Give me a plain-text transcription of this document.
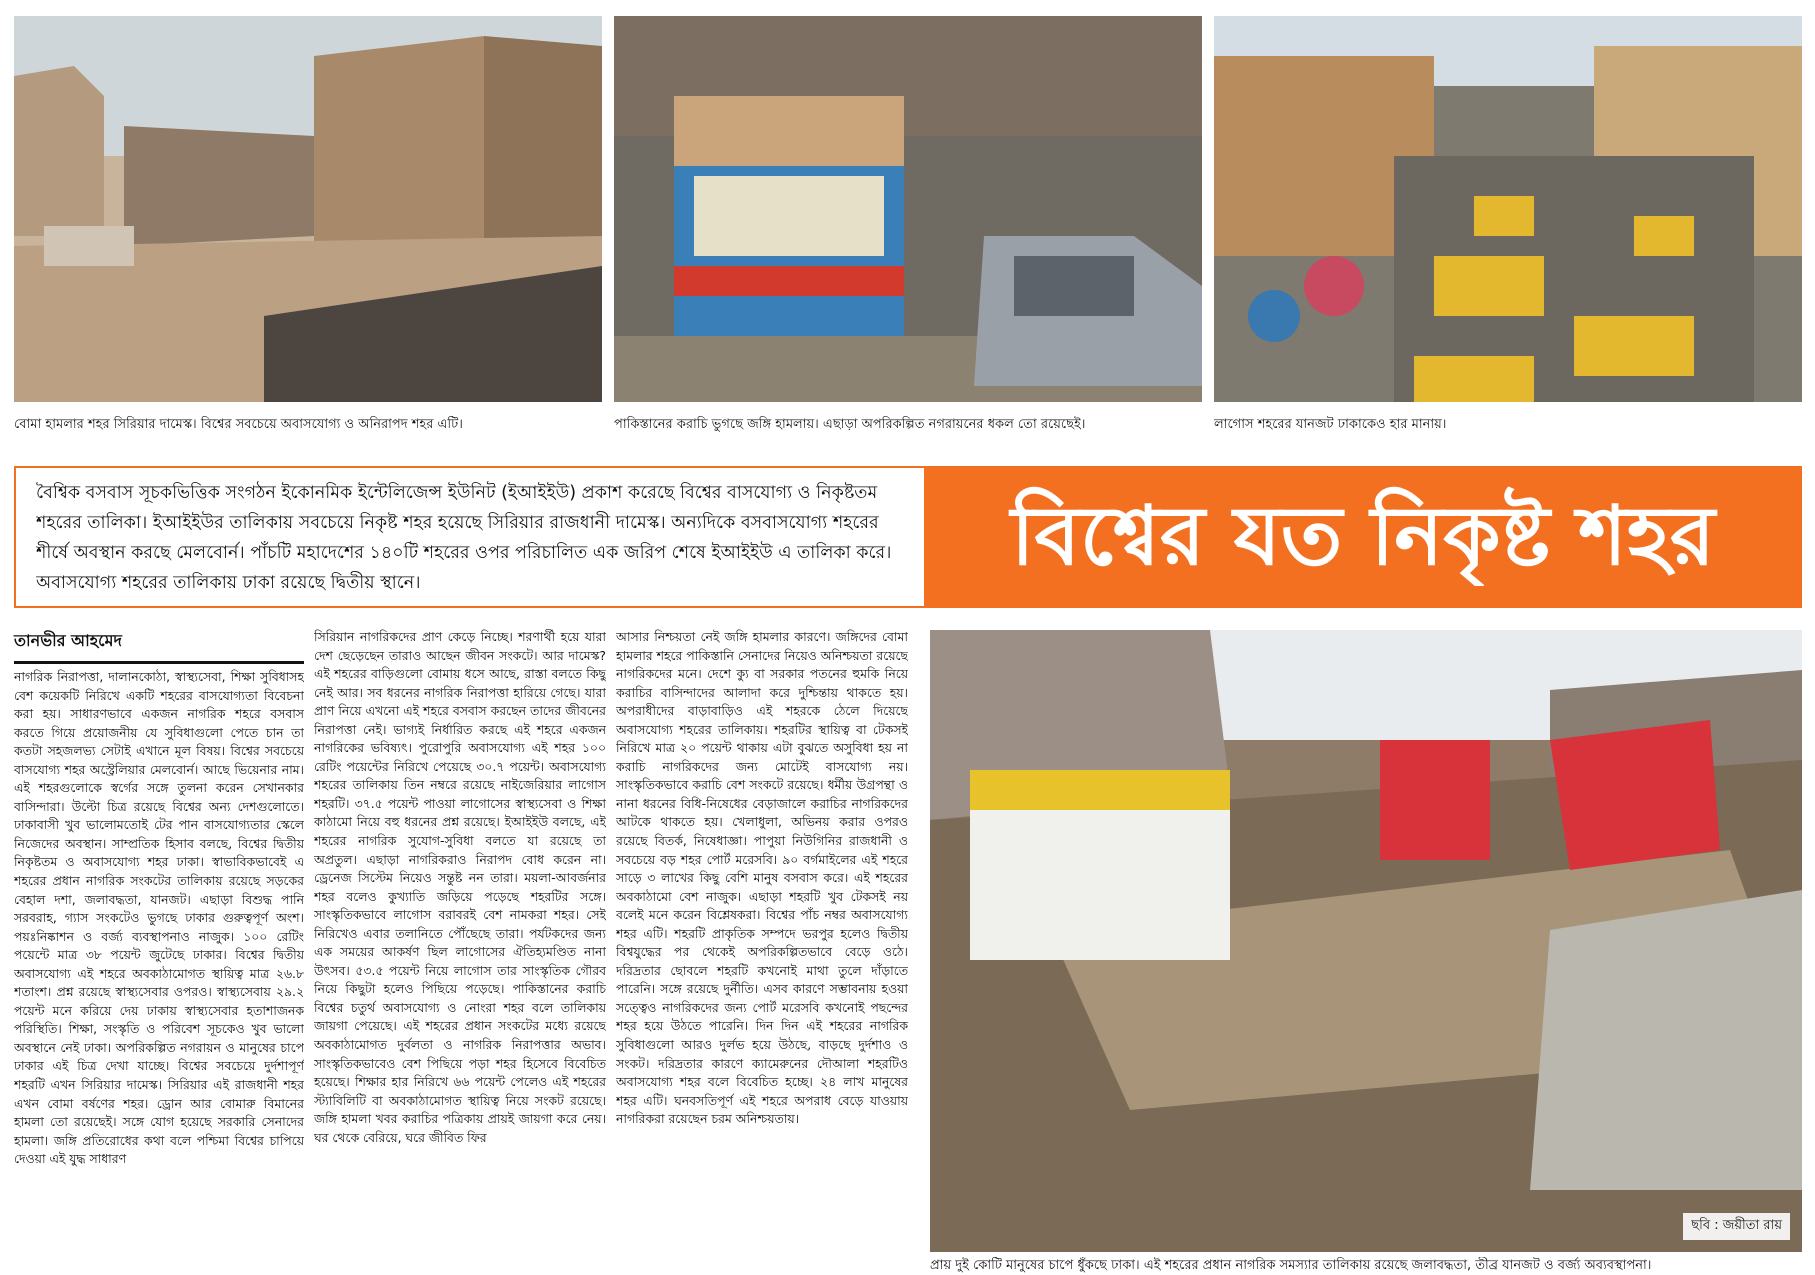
বোমা হামলার শহর সিরিয়ার দামেস্ক। বিশ্বের সবচেয়ে অবাসযোগ্য ও অনিরাপদ শহর এটি।	পাকিস্তানের করাচি ভুগছে জঙ্গি হামলায়। এছাড়া অপরিকল্পিত নগরায়নের ধকল তো রয়েছেই।	লাগোস শহরের যানজট ঢাকাকেও হার মানায়।
বৈশ্বিক বসবাস সূচকভিত্তিক সংগঠন ইকোনমিক ইন্টেলিজেন্স ইউনিট (ইআইইউ) প্রকাশ করেছে বিশ্বের বাসযোগ্য ও নিকৃষ্টতম শহরের তালিকা। ইআইইউর তালিকায় সবচেয়ে নিকৃষ্ট শহর হয়েছে সিরিয়ার রাজধানী দামেস্ক। অন্যদিকে বসবাসযোগ্য শহরের শীর্ষে অবস্থান করছে মেলবোর্ন। পাঁচটি মহাদেশের ১৪০টি শহরের ওপর পরিচালিত এক জরিপ শেষে ইআইইউ এ তালিকা করে। অবাসযোগ্য শহরের তালিকায় ঢাকা রয়েছে দ্বিতীয় স্থানে।	বিশ্বের যত নিকৃষ্ট শহর
তানভীর আহমেদ

নাগরিক নিরাপত্তা, দালানকোঠা, স্বাস্থ্যসেবা, শিক্ষা সুবিধাসহ বেশ কয়েকটি নিরিখে একটি শহরের বাসযোগ্যতা বিবেচনা করা হয়। সাধারণভাবে একজন নাগরিক শহরে বসবাস করতে গিয়ে প্রয়োজনীয় যে সুবিধাগুলো পেতে চান তা কতটা সহজলভ্য সেটাই এখানে মূল বিষয়। বিশ্বের সবচেয়ে বাসযোগ্য শহর অস্ট্রেলিয়ার মেলবোর্ন। আছে ভিয়েনার নাম। এই শহরগুলোকে স্বর্গের সঙ্গে তুলনা করেন সেখানকার বাসিন্দারা। উল্টো চিত্র রয়েছে বিশ্বের অন্য দেশগুলোতে। ঢাকাবাসী খুব ভালোমতোই টের পান বাসযোগ্যতার স্কেলে নিজেদের অবস্থান। সাম্প্রতিক হিসাব বলছে, বিশ্বের দ্বিতীয় নিকৃষ্টতম ও অবাসযোগ্য শহর ঢাকা। স্বাভাবিকভাবেই এ শহরের প্রধান নাগরিক সংকটের তালিকায় রয়েছে সড়কের বেহাল দশা, জলাবদ্ধতা, যানজট। এছাড়া বিশুদ্ধ পানি সরবরাহ, গ্যাস সংকটেও ভুগছে ঢাকার গুরুত্বপূর্ণ অংশ। পয়ঃনিষ্কাশন ও বর্জ্য ব্যবস্থাপনাও নাজুক। ১০০ রেটিং পয়েন্টে মাত্র ৩৮ পয়েন্ট জুটেছে ঢাকার। বিশ্বের দ্বিতীয় অবাসযোগ্য এই শহরে অবকাঠামোগত স্থায়িত্ব মাত্র ২৬.৮ শতাংশ। প্রশ্ন রয়েছে স্বাস্থ্যসেবার ওপরও। স্বাস্থ্যসেবায় ২৯.২ পয়েন্ট মনে করিয়ে দেয় ঢাকায় স্বাস্থ্যসেবার হতাশাজনক পরিস্থিতি। শিক্ষা, সংস্কৃতি ও পরিবেশ সূচকেও খুব ভালো অবস্থানে নেই ঢাকা। অপরিকল্পিত নগরায়ন ও মানুষের চাপে ঢাকার এই চিত্র দেখা যাচ্ছে। বিশ্বের সবচেয়ে দুর্দশাপূর্ণ শহরটি এখন সিরিয়ার দামেস্ক। সিরিয়ার এই রাজধানী শহর এখন বোমা বর্ষণের শহর। ড্রোন আর বোমারু বিমানের হামলা তো রয়েছেই। সঙ্গে যোগ হয়েছে সরকারি সেনাদের হামলা। জঙ্গি প্রতিরোধের কথা বলে পশ্চিমা বিশ্বের চাপিয়ে দেওয়া এই যুদ্ধ সাধারণ

সিরিয়ান নাগরিকদের প্রাণ কেড়ে নিচ্ছে। শরণার্থী হয়ে যারা দেশ ছেড়েছেন তারাও আছেন জীবন সংকটে। আর দামেস্ক? এই শহরের বাড়িগুলো বোমায় ধসে আছে, রাস্তা বলতে কিছু নেই আর। সব ধরনের নাগরিক নিরাপত্তা হারিয়ে গেছে। যারা প্রাণ নিয়ে এখনো এই শহরে বসবাস করছেন তাদের জীবনের নিরাপত্তা নেই। ভাগ্যই নির্ধারিত করছে এই শহরে একজন নাগরিকের ভবিষ্যৎ। পুরোপুরি অবাসযোগ্য এই শহর ১০০ রেটিং পয়েন্টের নিরিখে পেয়েছে ৩০.৭ পয়েন্ট। অবাসযোগ্য শহরের তালিকায় তিন নম্বরে রয়েছে নাইজেরিয়ার লাগোস শহরটি। ৩৭.৫ পয়েন্ট পাওয়া লাগোসের স্বাস্থ্যসেবা ও শিক্ষা কাঠামো নিয়ে বহু ধরনের প্রশ্ন রয়েছে। ইআইইউ বলছে, এই শহরের নাগরিক সুযোগ-সুবিধা বলতে যা রয়েছে তা অপ্রতুল। এছাড়া নাগরিকরাও নিরাপদ বোধ করেন না। ড্রেনেজ সিস্টেম নিয়েও সন্তুষ্ট নন তারা। ময়লা-আবর্জনার শহর বলেও কুখ্যাতি জড়িয়ে পড়েছে শহরটির সঙ্গে। সাংস্কৃতিকভাবে লাগোস বরাবরই বেশ নামকরা শহর। সেই নিরিখেও এবার তলানিতে পৌঁছেছে তারা। পর্যটকদের জন্য এক সময়ের আকর্ষণ ছিল লাগোসের ঐতিহ্যমণ্ডিত নানা উৎসব। ৫৩.৫ পয়েন্ট নিয়ে লাগোস তার সাংস্কৃতিক গৌরব নিয়ে কিছুটা হলেও পিছিয়ে পড়েছে। পাকিস্তানের করাচি বিশ্বের চতুর্থ অবাসযোগ্য ও নোংরা শহর বলে তালিকায় জায়গা পেয়েছে। এই শহরের প্রধান সংকটের মধ্যে রয়েছে অবকাঠামোগত দুর্বলতা ও নাগরিক নিরাপত্তার অভাব। সাংস্কৃতিকভাবেও বেশ পিছিয়ে পড়া শহর হিসেবে বিবেচিত হয়েছে। শিক্ষার হার নিরিখে ৬৬ পয়েন্ট পেলেও এই শহরের স্ট্যাবিলিটি বা অবকাঠামোগত স্থায়িত্ব নিয়ে সংকট রয়েছে। জঙ্গি হামলা খবর করাচির পত্রিকায় প্রায়ই জায়গা করে নেয়। ঘর থেকে বেরিয়ে, ঘরে জীবিত ফির

আসার নিশ্চয়তা নেই জঙ্গি হামলার কারণে। জঙ্গিদের বোমা হামলার শহরে পাকিস্তানি সেনাদের নিয়েও অনিশ্চয়তা রয়েছে নাগরিকদের মনে। দেশে ক্যু বা সরকার পতনের হুমকি নিয়ে করাচির বাসিন্দাদের আলাদা করে দুশ্চিন্তায় থাকতে হয়। অপরাধীদের বাড়াবাড়িও এই শহরকে ঠেলে দিয়েছে অবাসযোগ্য শহরের তালিকায়। শহরটির স্থায়িত্ব বা টেকসই নিরিখে মাত্র ২০ পয়েন্ট থাকায় এটা বুঝতে অসুবিধা হয় না করাচি নাগরিকদের জন্য মোটেই বাসযোগ্য নয়। সাংস্কৃতিকভাবে করাচি বেশ সংকটে রয়েছে। ধর্মীয় উগ্রপন্থা ও নানা ধরনের বিধি-নিষেধের বেড়াজালে করাচির নাগরিকদের আটকে থাকতে হয়। খেলাধুলা, অভিনয় করার ওপরও রয়েছে বিতর্ক, নিষেধাজ্ঞা। পাপুয়া নিউগিনির রাজধানী ও সবচেয়ে বড় শহর পোর্ট মরেসবি। ৯০ বর্গমাইলের এই শহরে সাড়ে ৩ লাখের কিছু বেশি মানুষ বসবাস করে। এই শহরের অবকাঠামো বেশ নাজুক। এছাড়া শহরটি খুব টেকসই নয় বলেই মনে করেন বিশ্লেষকরা। বিশ্বের পাঁচ নম্বর অবাসযোগ্য শহর এটি। শহরটি প্রাকৃতিক সম্পদে ভরপুর হলেও দ্বিতীয় বিশ্বযুদ্ধের পর থেকেই অপরিকল্পিতভাবে বেড়ে ওঠে। দরিদ্রতার ছোবলে শহরটি কখনোই মাথা তুলে দাঁড়াতে পারেনি। সঙ্গে রয়েছে দুর্নীতি। এসব কারণে সম্ভাবনায় হওয়া সত্ত্বেও নাগরিকদের জন্য পোর্ট মরেসবি কখনোই পছন্দের শহর হয়ে উঠতে পারেনি। দিন দিন এই শহরের নাগরিক সুবিধাগুলো আরও দুর্লভ হয়ে উঠছে, বাড়ছে দুর্দশাও ও সংকট। দরিদ্রতার কারণে ক্যামেরুনের দৌআলা শহরটিও অবাসযোগ্য শহর বলে বিবেচিত হচ্ছে। ২৪ লাখ মানুষের শহর এটি। ঘনবসতিপূর্ণ এই শহরে অপরাধ বেড়ে যাওয়ায় নাগরিকরা রয়েছেন চরম অনিশ্চয়তায়।

ছবি : জয়ীতা রায়
প্রায় দুই কোটি মানুষের চাপে ধুঁকছে ঢাকা। এই শহরের প্রধান নাগরিক সমস্যার তালিকায় রয়েছে জলাবদ্ধতা, তীব্র যানজট ও বর্জ্য অব্যবস্থাপনা।
